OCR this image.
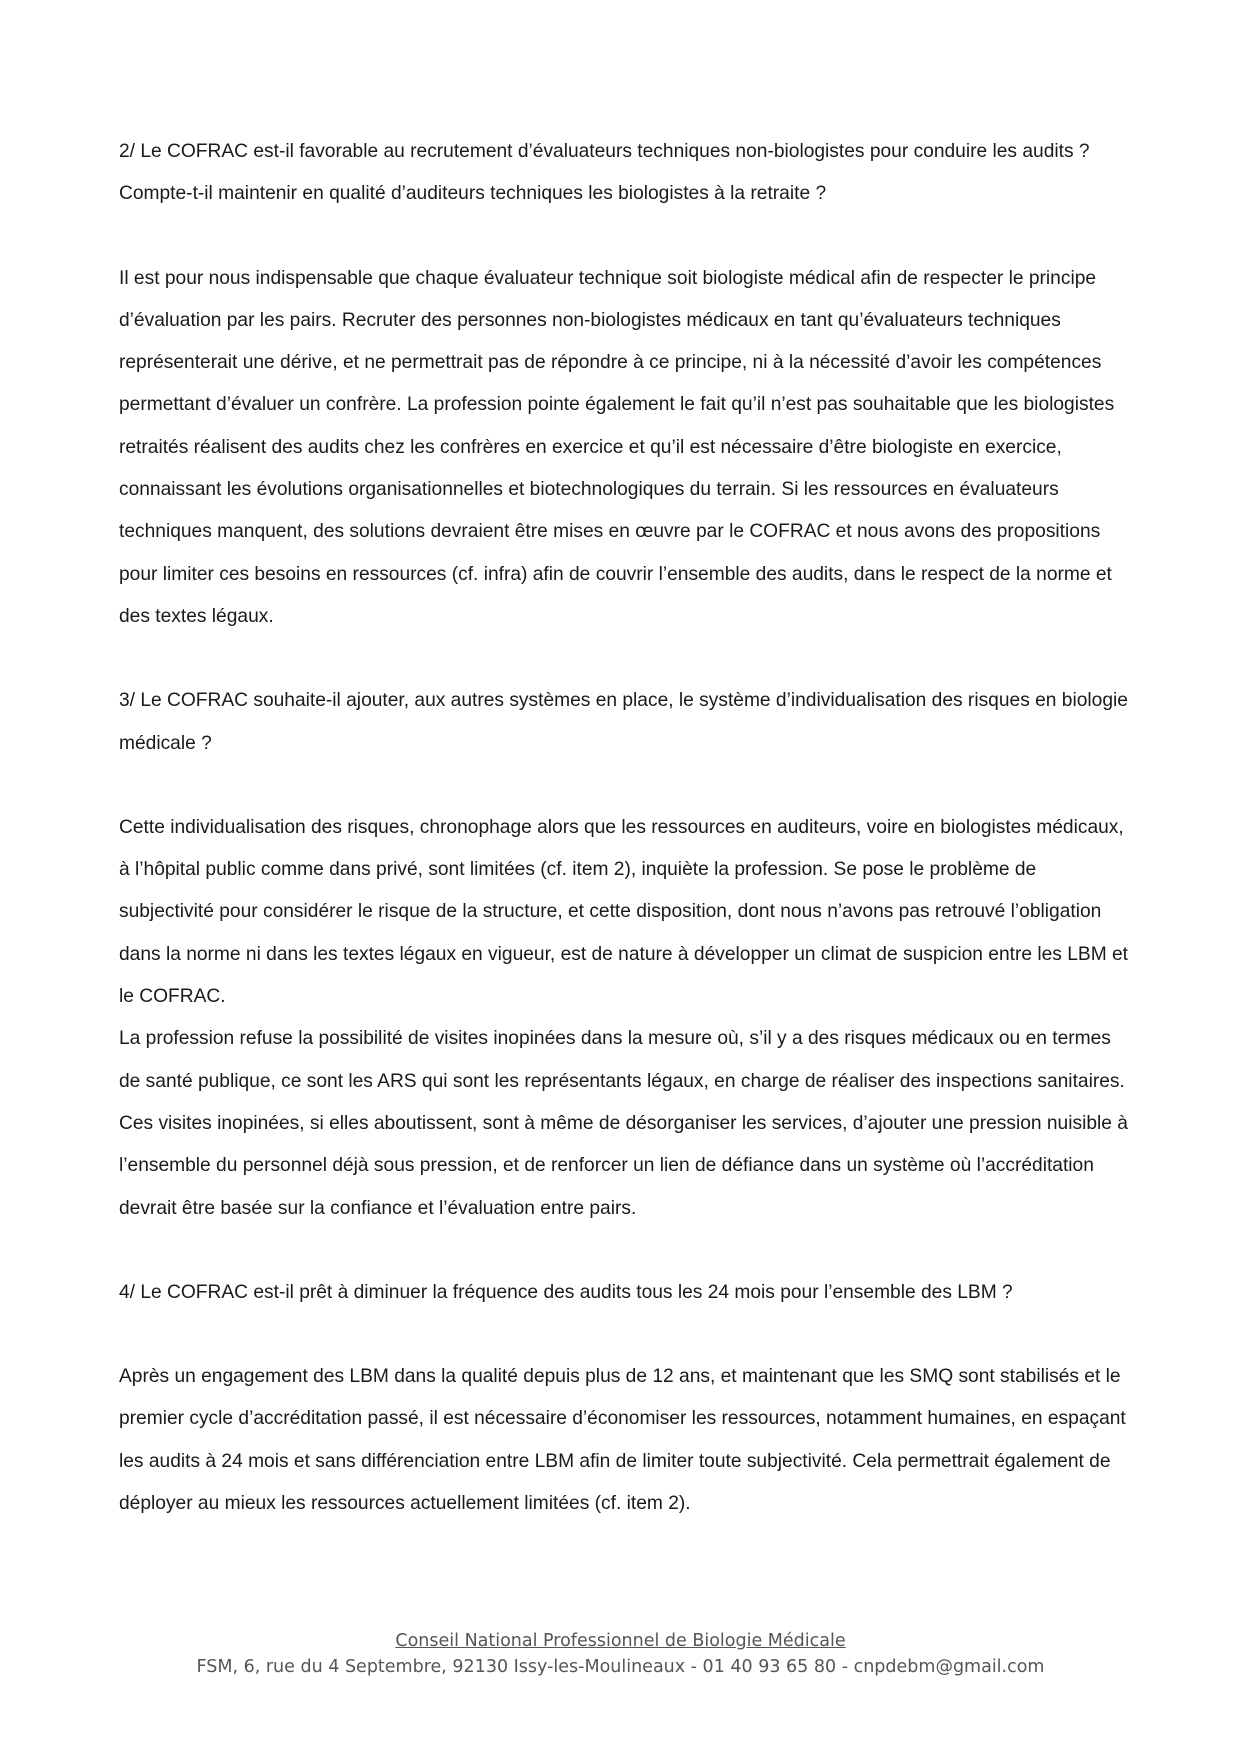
2/ Le COFRAC est-il favorable au recrutement d’évaluateurs techniques non-biologistes pour conduire les audits ? Compte-t-il maintenir en qualité d’auditeurs techniques les biologistes à la retraite ?

Il est pour nous indispensable que chaque évaluateur technique soit biologiste médical afin de respecter le principe d’évaluation par les pairs. Recruter des personnes non-biologistes médicaux en tant qu’évaluateurs techniques représenterait une dérive, et ne permettrait pas de répondre à ce principe, ni à la nécessité d’avoir les compétences permettant d’évaluer un confrère. La profession pointe également le fait qu’il n’est pas souhaitable que les biologistes retraités réalisent des audits chez les confrères en exercice et qu’il est nécessaire d’être biologiste en exercice, connaissant les évolutions organisationnelles et biotechnologiques du terrain. Si les ressources en évaluateurs techniques manquent, des solutions devraient être mises en œuvre par le COFRAC et nous avons des propositions pour limiter ces besoins en ressources (cf. infra) afin de couvrir l’ensemble des audits, dans le respect de la norme et des textes légaux.

3/ Le COFRAC souhaite-il ajouter, aux autres systèmes en place, le système d’individualisation des risques en biologie médicale ?

Cette individualisation des risques, chronophage alors que les ressources en auditeurs, voire en biologistes médicaux, à l’hôpital public comme dans privé, sont limitées (cf. item 2), inquiète la profession. Se pose le problème de subjectivité pour considérer le risque de la structure, et cette disposition, dont nous n’avons pas retrouvé l’obligation dans la norme ni dans les textes légaux en vigueur, est de nature à développer un climat de suspicion entre les LBM et le COFRAC.

La profession refuse la possibilité de visites inopinées dans la mesure où, s’il y a des risques médicaux ou en termes de santé publique, ce sont les ARS qui sont les représentants légaux, en charge de réaliser des inspections sanitaires. Ces visites inopinées, si elles aboutissent, sont à même de désorganiser les services, d’ajouter une pression nuisible à l’ensemble du personnel déjà sous pression, et de renforcer un lien de défiance dans un système où l’accréditation devrait être basée sur la confiance et l’évaluation entre pairs.

4/ Le COFRAC est-il prêt à diminuer la fréquence des audits tous les 24 mois pour l’ensemble des LBM ?

Après un engagement des LBM dans la qualité depuis plus de 12 ans, et maintenant que les SMQ sont stabilisés et le premier cycle d’accréditation passé, il est nécessaire d’économiser les ressources, notamment humaines, en espaçant les audits à 24 mois et sans différenciation entre LBM afin de limiter toute subjectivité. Cela permettrait également de déployer au mieux les ressources actuellement limitées (cf. item 2).

Conseil National Professionnel de Biologie Médicale
FSM, 6, rue du 4 Septembre, 92130 Issy-les-Moulineaux - 01 40 93 65 80 - cnpdebm@gmail.com
